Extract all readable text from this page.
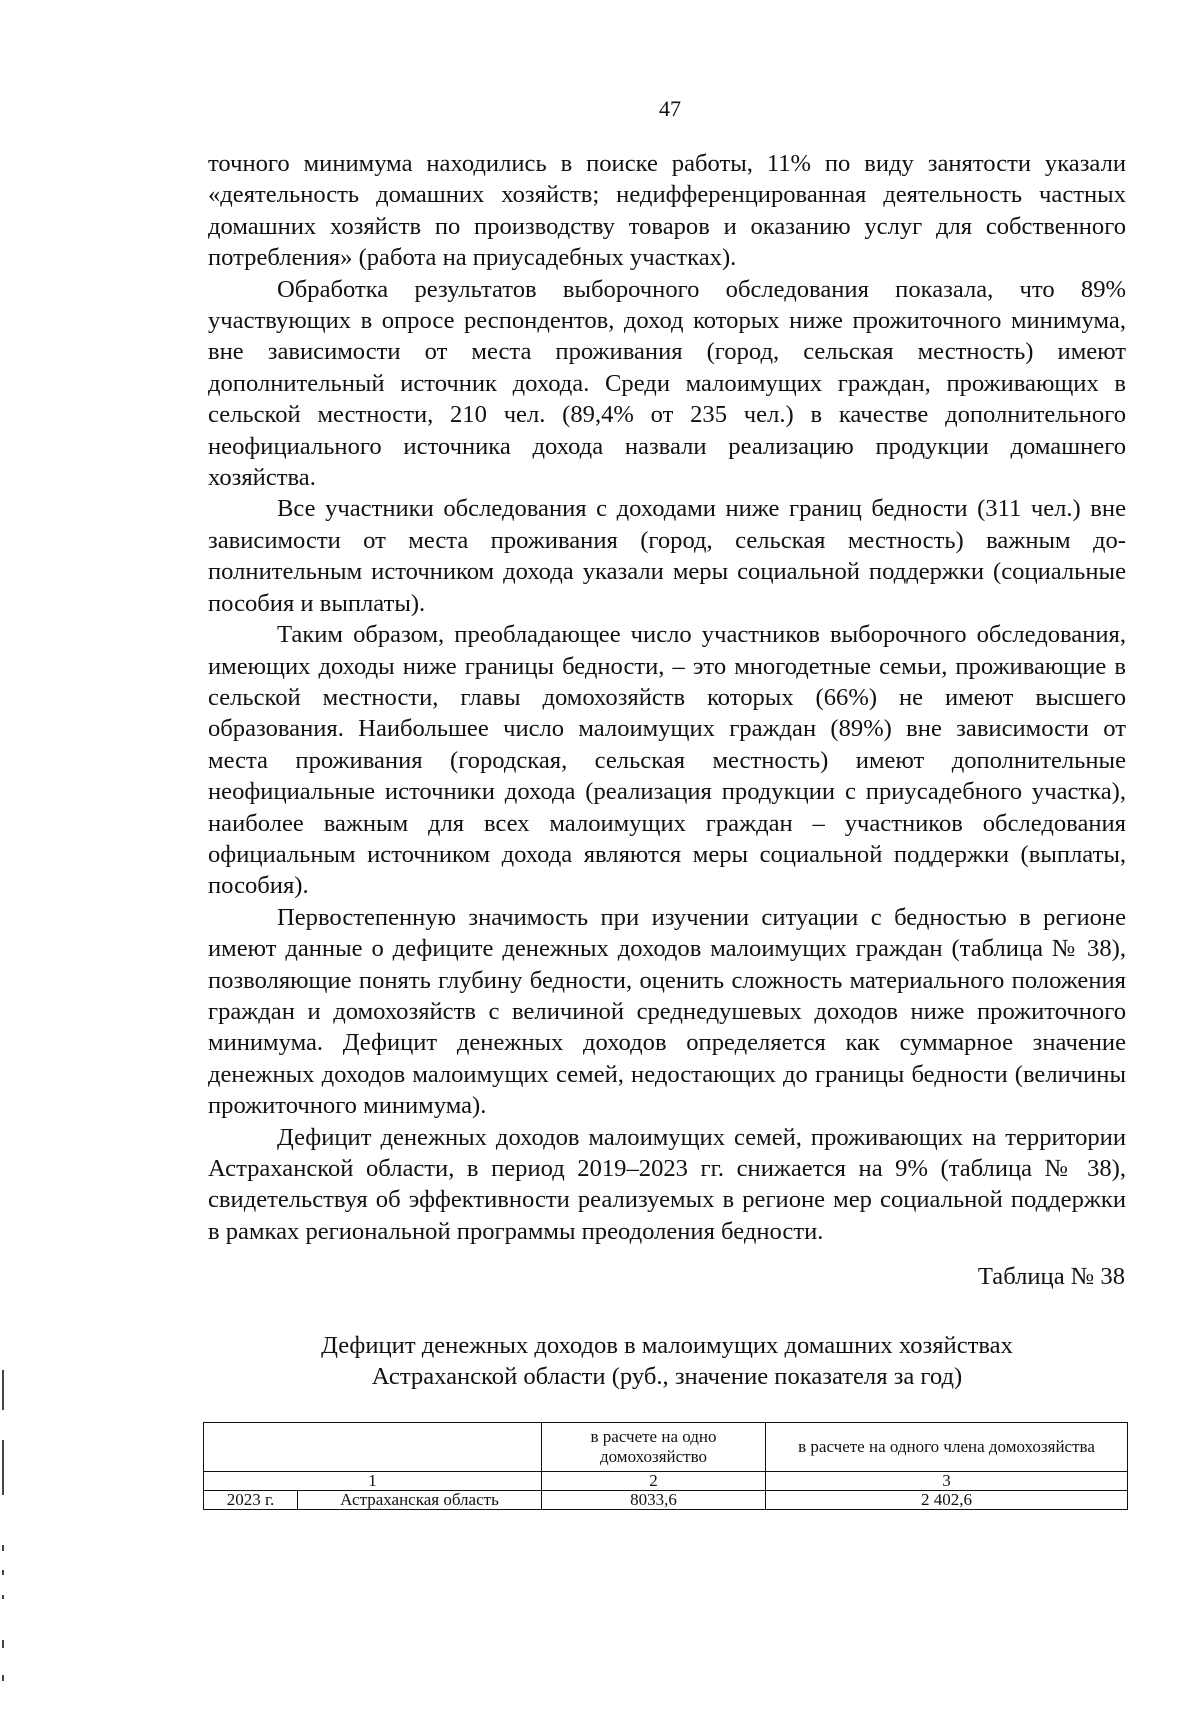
47

точного минимума находились в поиске работы, 11% по виду занятости указали «деятельность домашних хозяйств; недифференцированная деятельность частных домашних хозяйств по производству товаров и оказанию услуг для собственного потребления» (работа на приусадебных участках).

Обработка результатов выборочного обследования показала, что 89% участвующих в опросе респондентов, доход которых ниже прожиточного минимума, вне зависимости от места проживания (город, сельская местность) имеют дополнительный источник дохода. Среди малоимущих граждан, проживающих в сельской местности, 210 чел. (89,4% от 235 чел.) в качестве дополнительного неофициального источника дохода назвали реализацию продукции домашнего хозяйства.

Все участники обследования с доходами ниже границ бедности (311 чел.) вне зависимости от места проживания (город, сельская местность) важным дополнительным источником дохода указали меры социальной поддержки (социальные пособия и выплаты).

Таким образом, преобладающее число участников выборочного обследования, имеющих доходы ниже границы бедности, – это многодетные семьи, проживающие в сельской местности, главы домохозяйств которых (66%) не имеют высшего образования. Наибольшее число малоимущих граждан (89%) вне зависимости от места проживания (городская, сельская местность) имеют дополнительные неофициальные источники дохода (реализация продукции с приусадебного участка), наиболее важным для всех малоимущих граждан – участников обследования официальным источником дохода являются меры социальной поддержки (выплаты, пособия).

Первостепенную значимость при изучении ситуации с бедностью в регионе имеют данные о дефиците денежных доходов малоимущих граждан (таблица № 38), позволяющие понять глубину бедности, оценить сложность материального положения граждан и домохозяйств с величиной среднедушевых доходов ниже прожиточного минимума. Дефицит денежных доходов определяется как суммарное значение денежных доходов малоимущих семей, недостающих до границы бедности (величины прожиточного минимума).

Дефицит денежных доходов малоимущих семей, проживающих на территории Астраханской области, в период 2019–2023 гг. снижается на 9% (таблица № 38), свидетельствуя об эффективности реализуемых в регионе мер социальной поддержки в рамках региональной программы преодоления бедности.

Таблица № 38
Дефицит денежных доходов в малоимущих домашних хозяйствах
Астраханской области (руб., значение показателя за год)
		в расчете на одно домохозяйство	в расчете на одного члена домохозяйства
1		2	3
2023 г.	Астраханская область	8033,6	2 402,6
